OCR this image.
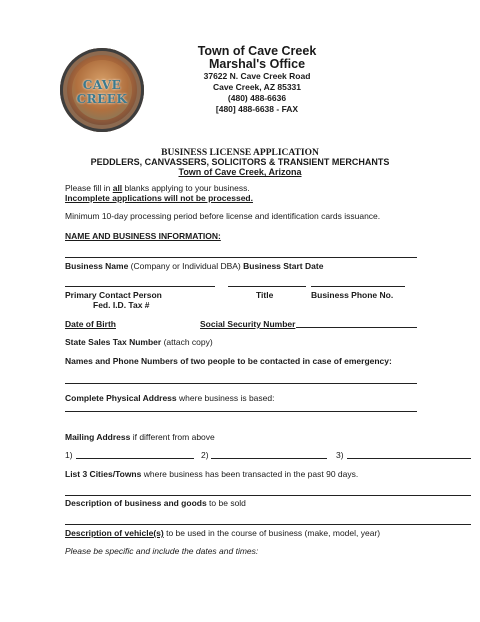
CAVE CREEK
Town of Cave Creek
Marshal's Office
37622 N. Cave Creek Road
Cave Creek, AZ 85331
(480) 488-6636
[480] 488-6638 - FAX
BUSINESS LICENSE APPLICATION
PEDDLERS, CANVASSERS, SOLICITORS & TRANSIENT MERCHANTS
Town of Cave Creek, Arizona
Please fill in all blanks applying to your business.
Incomplete applications will not be processed.
Minimum 10-day processing period before license and identification cards issuance.
NAME AND BUSINESS INFORMATION:
Business Name (Company or Individual DBA) Business Start Date
Primary Contact Person	Title	Business Phone No.
Fed. I.D. Tax #
Date of Birth	Social Security Number
State Sales Tax Number (attach copy)
Names and Phone Numbers of two people to be contacted in case of emergency:
Complete Physical Address where business is based:
Mailing Address if different from above
1)	2)	3)
List 3 Cities/Towns where business has been transacted in the past 90 days.
Description of business and goods to be sold
Description of vehicle(s) to be used in the course of business (make, model, year)
Please be specific and include the dates and times:
